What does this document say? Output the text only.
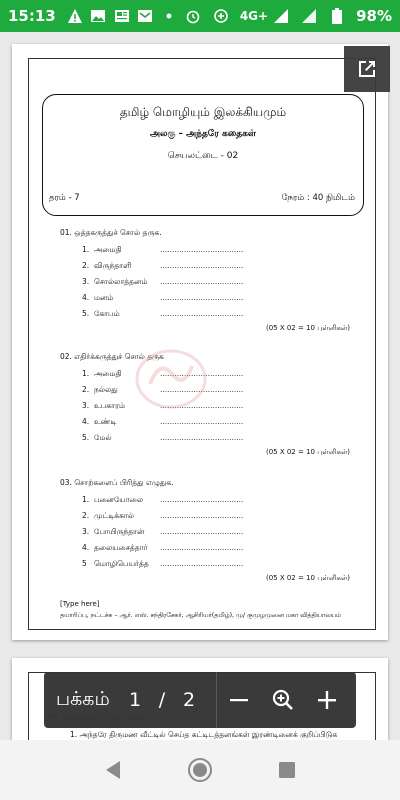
15:13	4G+	98%
தமிழ் மொழியும் இலக்கியமும்
அலகு – அந்தரே கதைகள்
செயலட்டை - 02
தரம் - 7	நேரம் : 40 நிமிடம்
01. ஒத்தகருத்துச் சொல் தருக.
1. அமைதி	...................................
2. விருந்தாளி	...................................
3. சொல்லாத்தனம்	...................................
4. மனம்	...................................
5. கோபம்	...................................
(05 X 02 = 10 புள்ளிகள்)
02. எதிர்க்கருத்துச் சொல் தருக
1. அமைதி	...................................
2. நல்லது	...................................
3. உபகாரம்	...................................
4. உண்டி	...................................
5. மேல்	...................................
(05 X 02 = 10 புள்ளிகள்)
03. சொற்களைப் பிரித்து எழுதுக.
1. பனையோலை	...................................
2. முட்டிக்கால்	...................................
3. போயிருந்தான்	...................................
4. தலையசைத்தார்	...................................
5 மொழிபெயர்த்த	...................................
(05 X 02 = 10 புள்ளிகள்)
[Type here]
தயாரிப்பு, நட்டச்சு – ஆர். எஸ். சந்திரசேகர், ஆசிரியர்(தமிழ்), மு/ குமுழமுனை மகா வித்தியாலயம்
1. அந்தரே திருமண வீட்டில் செய்த கட்டிடத்தனங்கள் இரண்டினைக் குறிப்பிடுக
பக்கம்	1 / 2
